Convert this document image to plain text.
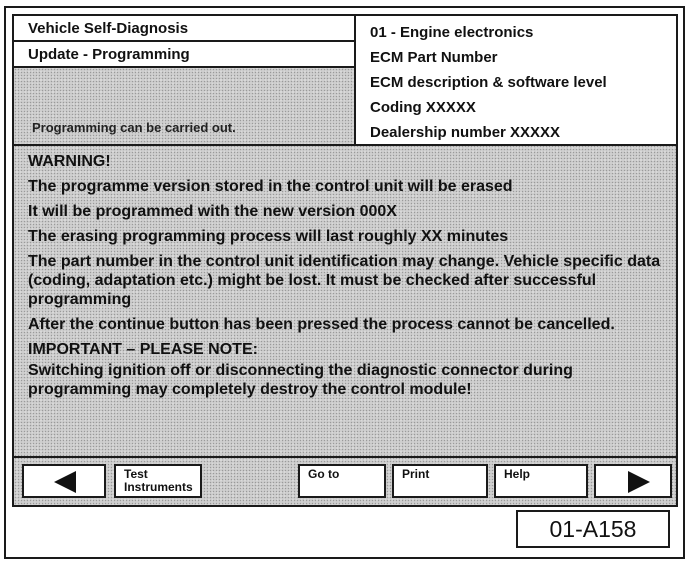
Vehicle Self-Diagnosis
Update - Programming
Programming can be carried out.
01 - Engine electronics
ECM Part Number
ECM description & software level
Coding XXXXX
Dealership number XXXXX

WARNING!

The programme version stored in the control unit will be erased

It will be programmed with the new version 000X

The erasing programming process will last roughly XX minutes

The part number in the control unit identification may change. Vehicle specific data (coding, adaptation etc.) might be lost. It must be checked after successful programming

After the continue button has been pressed the process cannot be cancelled.

IMPORTANT – PLEASE NOTE:

Switching ignition off or disconnecting the diagnostic connector during programming may completely destroy the control module!

Test Instruments
Go to	Print	Help
01-A158
